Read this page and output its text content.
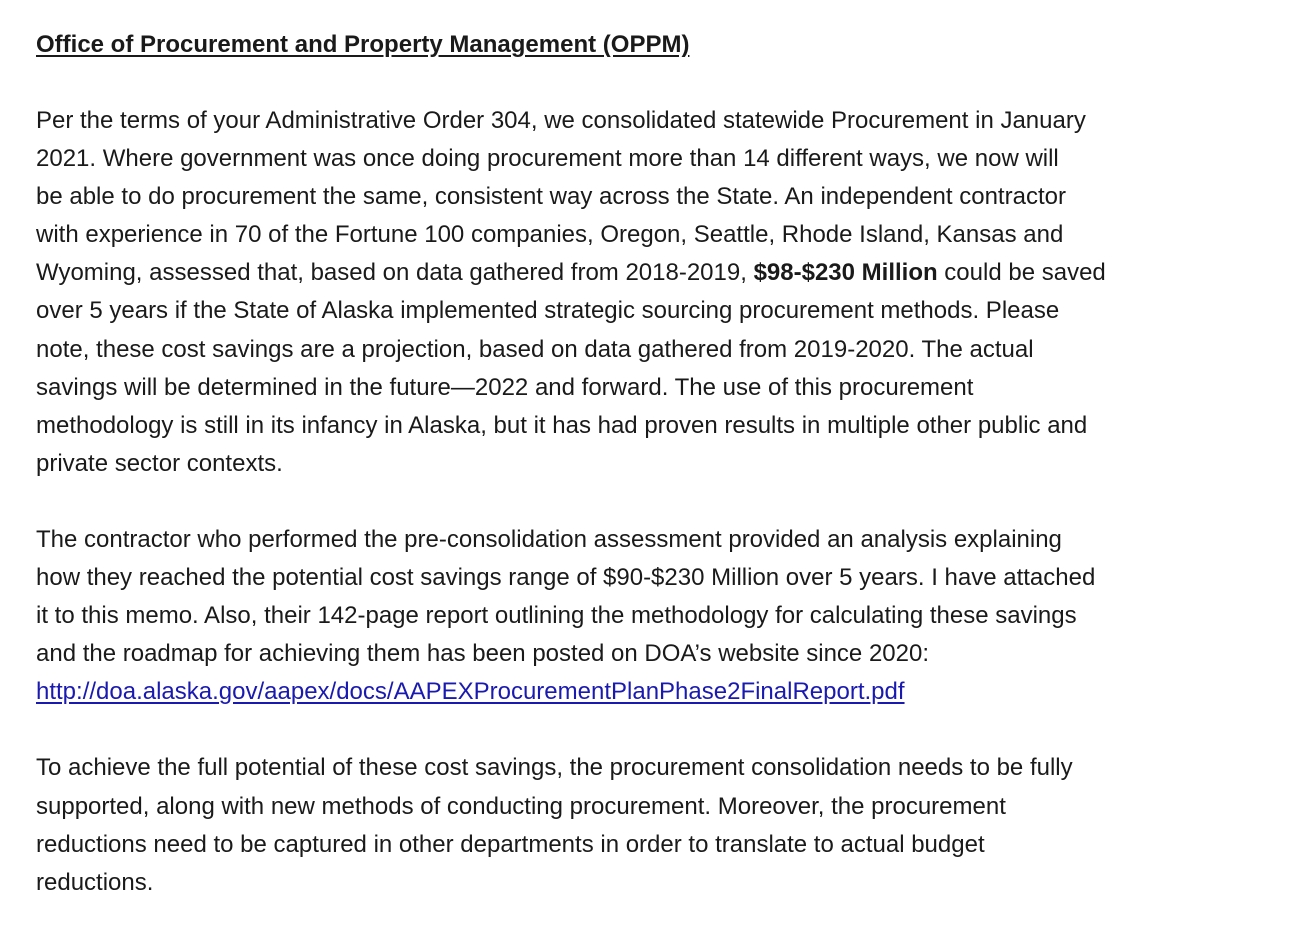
Office of Procurement and Property Management (OPPM)
Per the terms of your Administrative Order 304, we consolidated statewide Procurement in January
2021. Where government was once doing procurement more than 14 different ways, we now will
be able to do procurement the same, consistent way across the State. An independent contractor
with experience in 70 of the Fortune 100 companies, Oregon, Seattle, Rhode Island, Kansas and
Wyoming, assessed that, based on data gathered from 2018-2019, $98-$230 Million could be saved
over 5 years if the State of Alaska implemented strategic sourcing procurement methods. Please
note, these cost savings are a projection, based on data gathered from 2019-2020. The actual
savings will be determined in the future—2022 and forward. The use of this procurement
methodology is still in its infancy in Alaska, but it has had proven results in multiple other public and
private sector contexts.
The contractor who performed the pre-consolidation assessment provided an analysis explaining
how they reached the potential cost savings range of $90-$230 Million over 5 years. I have attached
it to this memo. Also, their 142-page report outlining the methodology for calculating these savings
and the roadmap for achieving them has been posted on DOA’s website since 2020:
http://doa.alaska.gov/aapex/docs/AAPEXProcurementPlanPhase2FinalReport.pdf
To achieve the full potential of these cost savings, the procurement consolidation needs to be fully
supported, along with new methods of conducting procurement. Moreover, the procurement
reductions need to be captured in other departments in order to translate to actual budget
reductions.
